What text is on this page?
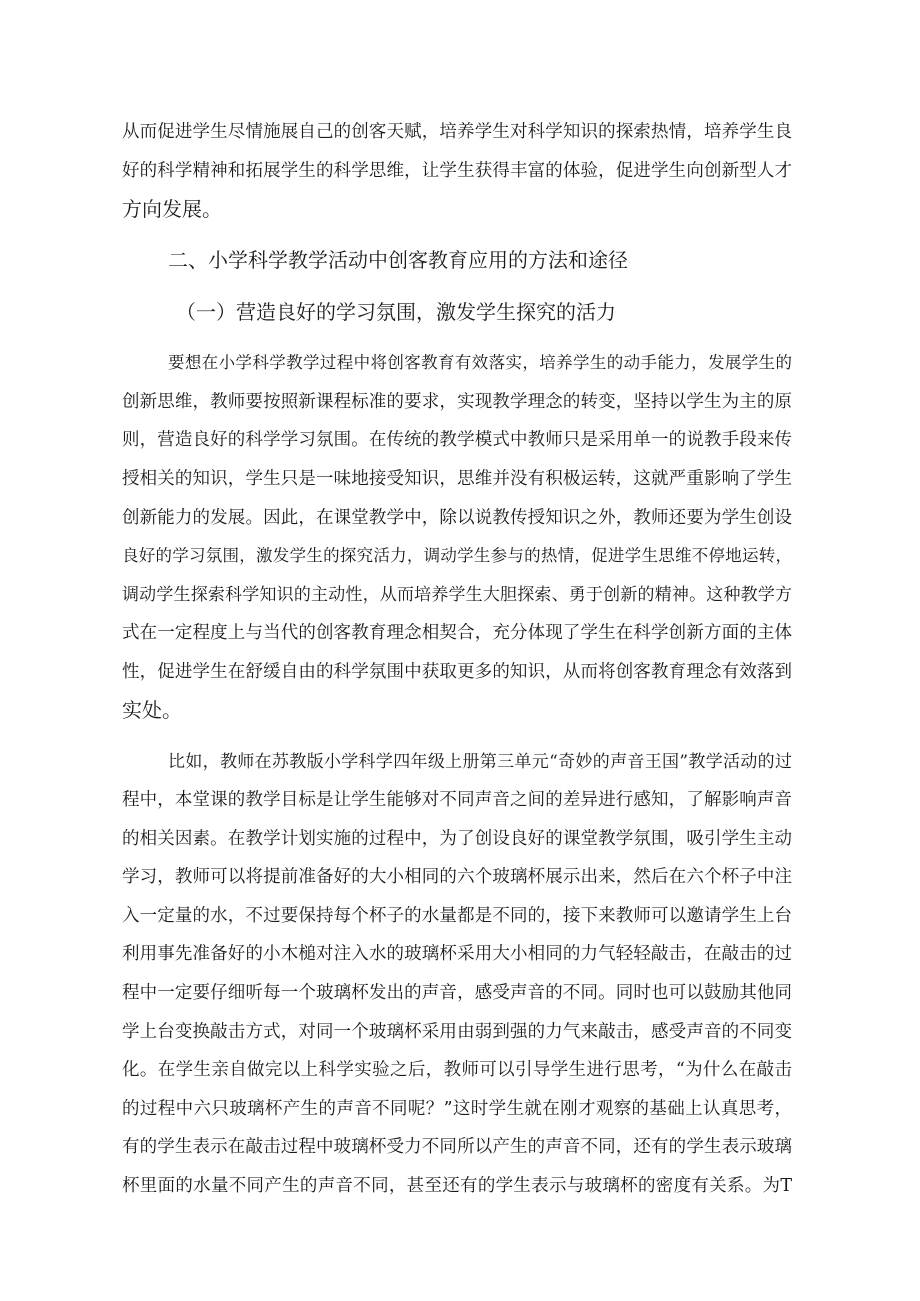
从而促进学生尽情施展自己的创客天赋，培养学生对科学知识的探索热情，培养学生良
好的科学精神和拓展学生的科学思维，让学生获得丰富的体验，促进学生向创新型人才
方向发展。
二、小学科学教学活动中创客教育应用的方法和途径
（一）营造良好的学习氛围，激发学生探究的活力
要想在小学科学教学过程中将创客教育有效落实，培养学生的动手能力，发展学生的
创新思维，教师要按照新课程标准的要求，实现教学理念的转变，坚持以学生为主的原
则，营造良好的科学学习氛围。在传统的教学模式中教师只是采用单一的说教手段来传
授相关的知识，学生只是一味地接受知识，思维并没有积极运转，这就严重影响了学生
创新能力的发展。因此，在课堂教学中，除以说教传授知识之外，教师还要为学生创设
良好的学习氛围，激发学生的探究活力，调动学生参与的热情，促进学生思维不停地运转，
调动学生探索科学知识的主动性，从而培养学生大胆探索、勇于创新的精神。这种教学方
式在一定程度上与当代的创客教育理念相契合，充分体现了学生在科学创新方面的主体
性，促进学生在舒缓自由的科学氛围中获取更多的知识，从而将创客教育理念有效落到
实处。
比如，教师在苏教版小学科学四年级上册第三单元“奇妙的声音王国”教学活动的过
程中，本堂课的教学目标是让学生能够对不同声音之间的差异进行感知，了解影响声音
的相关因素。在教学计划实施的过程中，为了创设良好的课堂教学氛围，吸引学生主动
学习，教师可以将提前准备好的大小相同的六个玻璃杯展示出来，然后在六个杯子中注
入一定量的水，不过要保持每个杯子的水量都是不同的，接下来教师可以邀请学生上台
利用事先准备好的小木槌对注入水的玻璃杯采用大小相同的力气轻轻敲击，在敲击的过
程中一定要仔细听每一个玻璃杯发出的声音，感受声音的不同。同时也可以鼓励其他同
学上台变换敲击方式，对同一个玻璃杯采用由弱到强的力气来敲击，感受声音的不同变
化。在学生亲自做完以上科学实验之后，教师可以引导学生进行思考，“为什么在敲击
的过程中六只玻璃杯产生的声音不同呢？”这时学生就在刚才观察的基础上认真思考，
有的学生表示在敲击过程中玻璃杯受力不同所以产生的声音不同，还有的学生表示玻璃
杯里面的水量不同产生的声音不同，甚至还有的学生表示与玻璃杯的密度有关系。为T
